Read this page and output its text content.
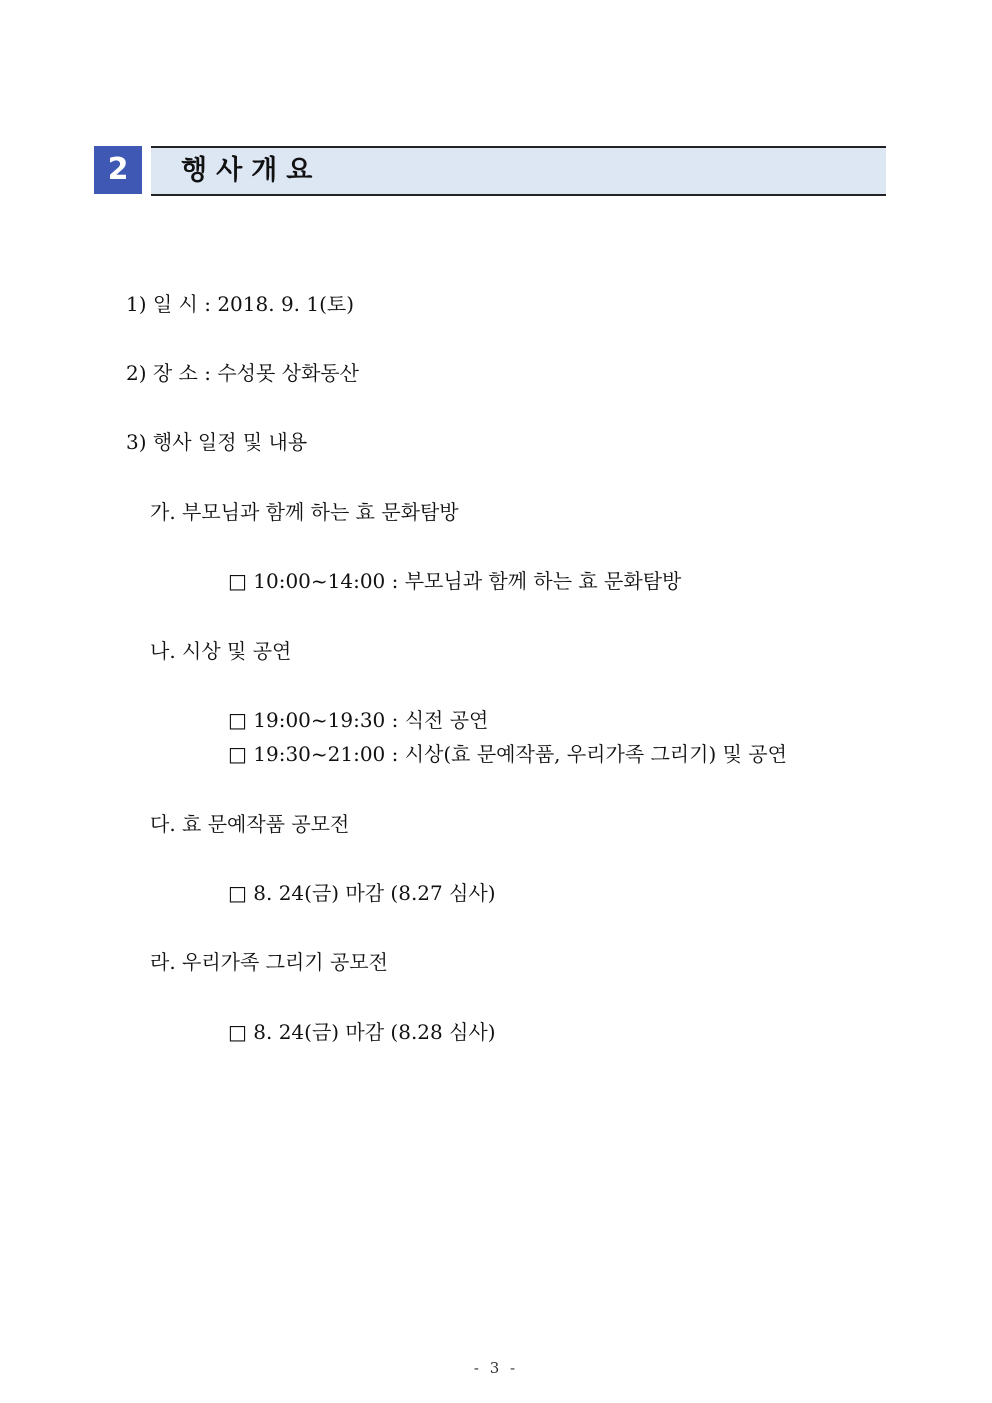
2	행사개요
1) 일 시 : 2018. 9. 1(토)
2) 장 소 : 수성못 상화동산
3) 행사 일정 및 내용
가. 부모님과 함께 하는 효 문화탐방
□ 10:00~14:00 : 부모님과 함께 하는 효 문화탐방
나. 시상 및 공연
□ 19:00~19:30 : 식전 공연
□ 19:30~21:00 : 시상(효 문예작품, 우리가족 그리기) 및 공연
다. 효 문예작품 공모전
□ 8. 24(금) 마감 (8.27 심사)
라. 우리가족 그리기 공모전
□ 8. 24(금) 마감 (8.28 심사)
- 3 -
